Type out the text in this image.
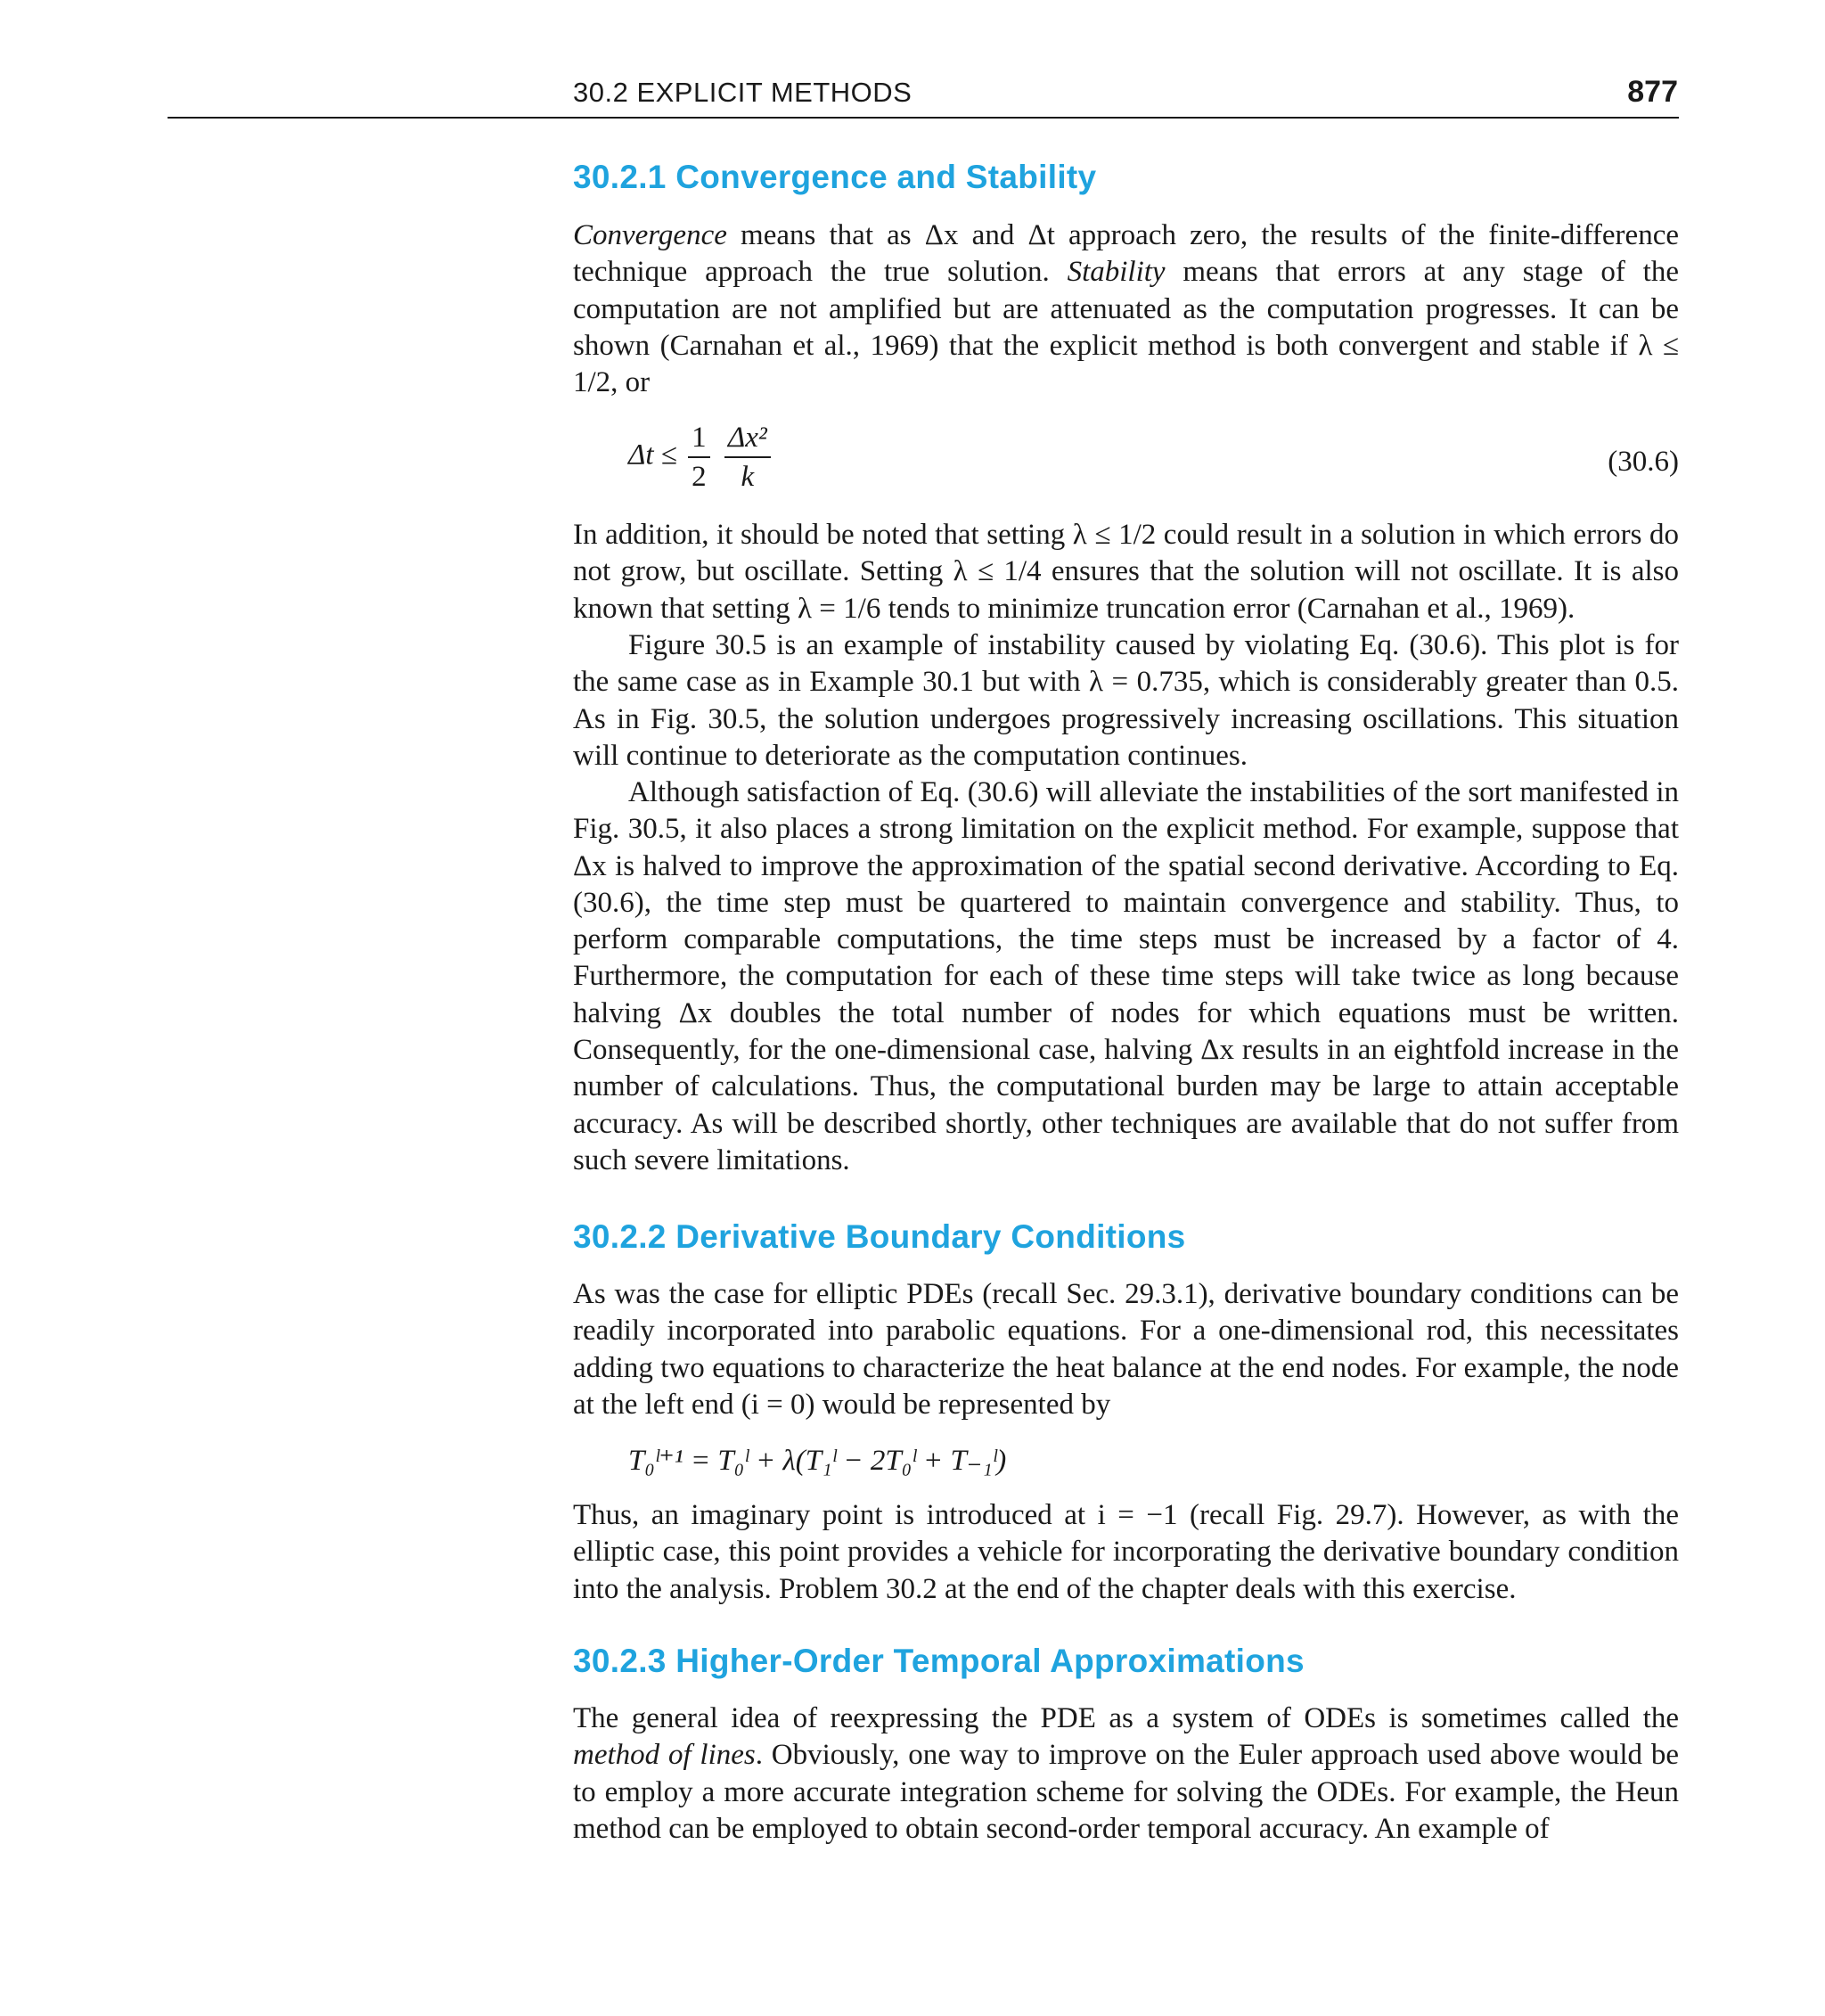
30.2 EXPLICIT METHODS	877
30.2.1 Convergence and Stability

Convergence means that as Δx and Δt approach zero, the results of the finite-difference technique approach the true solution. Stability means that errors at any stage of the computation are not amplified but are attenuated as the computation progresses. It can be shown (Carnahan et al., 1969) that the explicit method is both convergent and stable if λ ≤ 1/2, or

$\Delta t \le \frac{1}{2}$
$\frac{\text{Δx²}}{k}$	(30.6)

In addition, it should be noted that setting λ ≤ 1/2 could result in a solution in which errors do not grow, but oscillate. Setting λ ≤ 1/4 ensures that the solution will not oscillate. It is also known that setting λ = 1/6 tends to minimize truncation error (Carnahan et al., 1969).

Figure 30.5 is an example of instability caused by violating Eq. (30.6). This plot is for the same case as in Example 30.1 but with λ = 0.735, which is considerably greater than 0.5. As in Fig. 30.5, the solution undergoes progressively increasing oscillations. This situation will continue to deteriorate as the computation continues.

Although satisfaction of Eq. (30.6) will alleviate the instabilities of the sort manifested in Fig. 30.5, it also places a strong limitation on the explicit method. For example, suppose that Δx is halved to improve the approximation of the spatial second derivative. According to Eq. (30.6), the time step must be quartered to maintain convergence and stability. Thus, to perform comparable computations, the time steps must be increased by a factor of 4. Furthermore, the computation for each of these time steps will take twice as long because halving Δx doubles the total number of nodes for which equations must be written. Consequently, for the one-dimensional case, halving Δx results in an eightfold increase in the number of calculations. Thus, the computational burden may be large to attain acceptable accuracy. As will be described shortly, other techniques are available that do not suffer from such severe limitations.

30.2.2 Derivative Boundary Conditions

As was the case for elliptic PDEs (recall Sec. 29.3.1), derivative boundary conditions can be readily incorporated into parabolic equations. For a one-dimensional rod, this necessitates adding two equations to characterize the heat balance at the end nodes. For example, the node at the left end (i = 0) would be represented by

T₀ˡ⁺¹ = T₀ˡ + λ(T₁ˡ − 2T₀ˡ + T₋₁ˡ)

Thus, an imaginary point is introduced at i = −1 (recall Fig. 29.7). However, as with the elliptic case, this point provides a vehicle for incorporating the derivative boundary condition into the analysis. Problem 30.2 at the end of the chapter deals with this exercise.

30.2.3 Higher-Order Temporal Approximations

The general idea of reexpressing the PDE as a system of ODEs is sometimes called the method of lines. Obviously, one way to improve on the Euler approach used above would be to employ a more accurate integration scheme for solving the ODEs. For example, the Heun method can be employed to obtain second-order temporal accuracy. An example of
